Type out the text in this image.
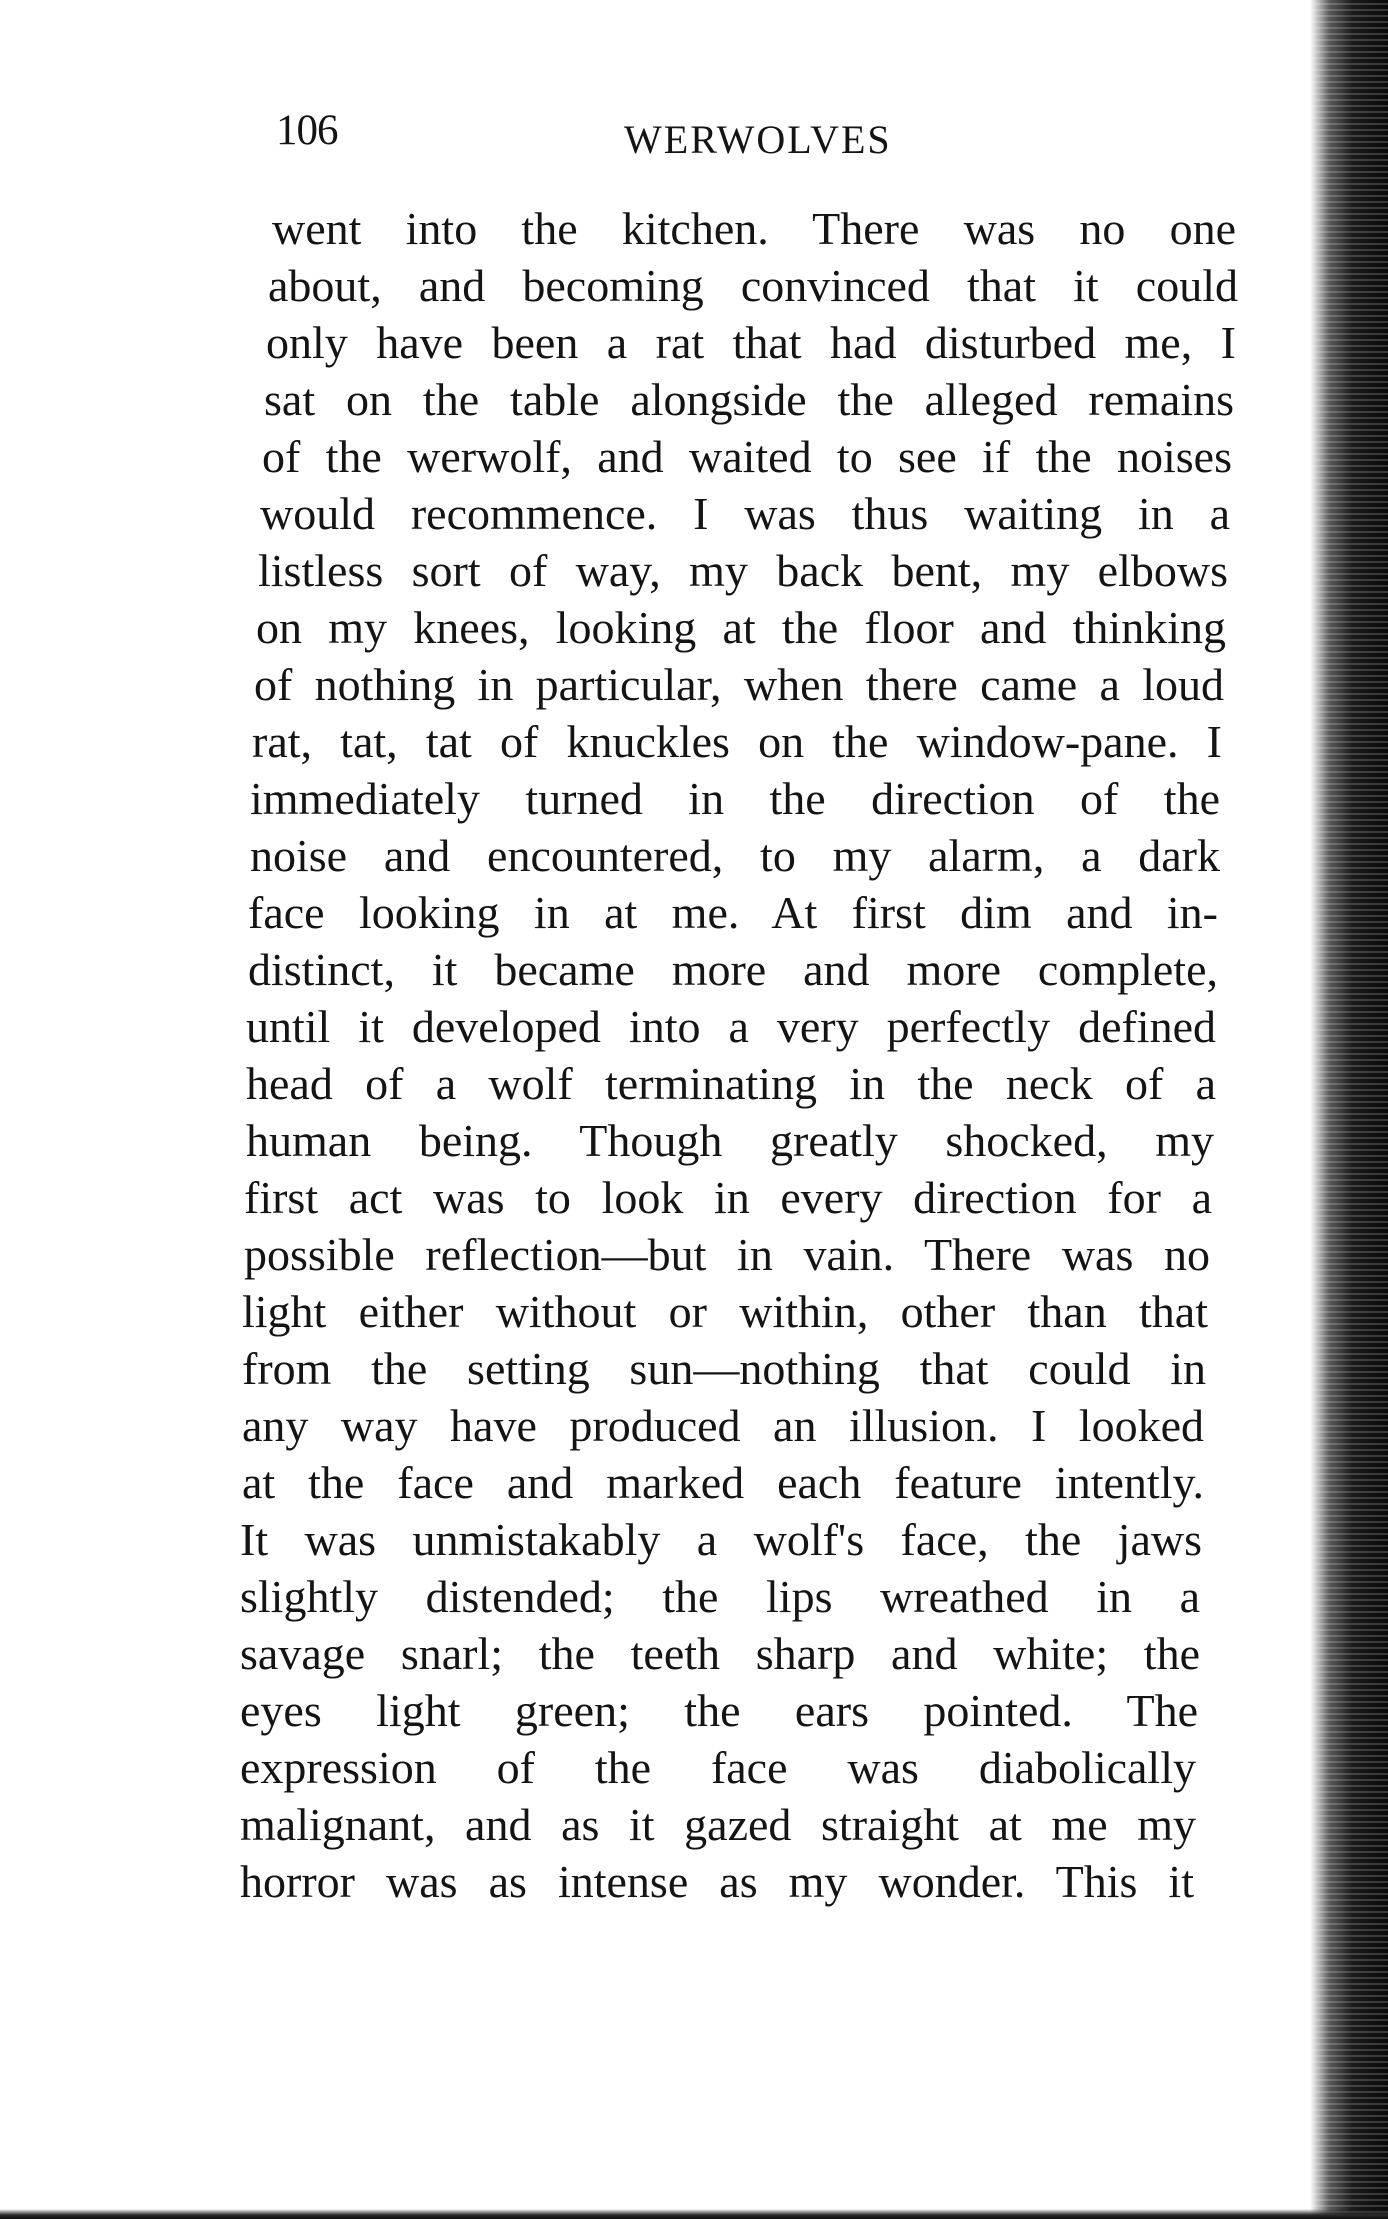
106	WERWOLVES
went into the kitchen. There was no one
about, and becoming convinced that it could
only have been a rat that had disturbed me, I
sat on the table alongside the alleged remains
of the werwolf, and waited to see if the noises
would recommence. I was thus waiting in a
listless sort of way, my back bent, my elbows
on my knees, looking at the floor and thinking
of nothing in particular, when there came a loud
rat, tat, tat of knuckles on the window-pane. I
immediately turned in the direction of the
noise and encountered, to my alarm, a dark
face looking in at me. At first dim and in-
distinct, it became more and more complete,
until it developed into a very perfectly defined
head of a wolf terminating in the neck of a
human being. Though greatly shocked, my
first act was to look in every direction for a
possible reflection—but in vain. There was no
light either without or within, other than that
from the setting sun—nothing that could in
any way have produced an illusion. I looked
at the face and marked each feature intently.
It was unmistakably a wolf's face, the jaws
slightly distended; the lips wreathed in a
savage snarl; the teeth sharp and white; the
eyes light green; the ears pointed. The
expression of the face was diabolically
malignant, and as it gazed straight at me my
horror was as intense as my wonder. This it
